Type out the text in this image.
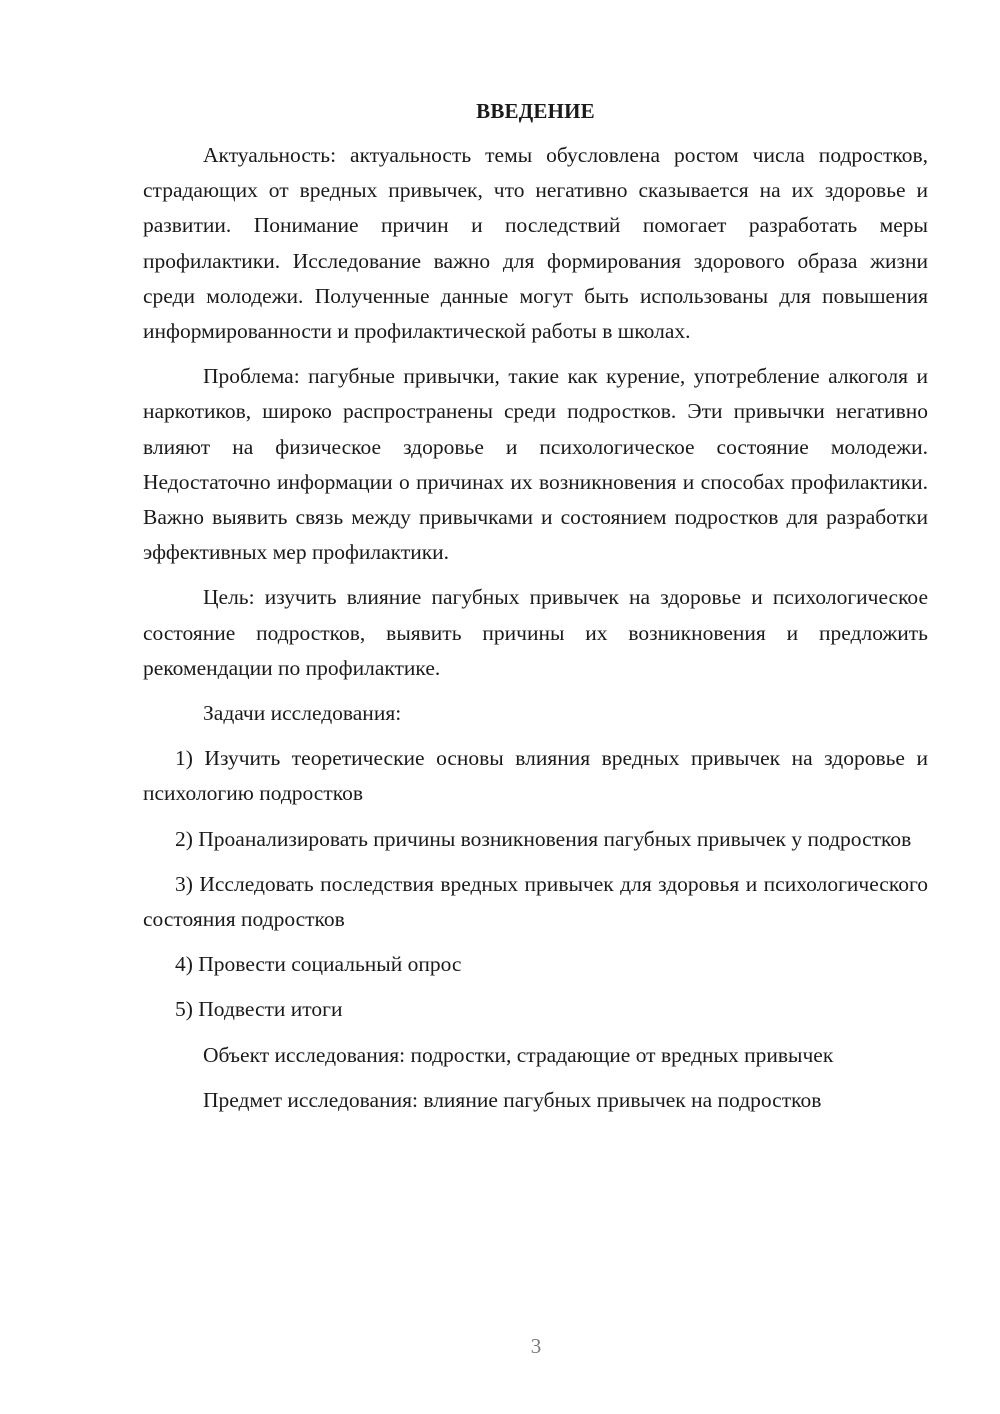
ВВЕДЕНИЕ

Актуальность: актуальность темы обусловлена ростом числа подростков, страдающих от вредных привычек, что негативно сказывается на их здоровье и развитии. Понимание причин и последствий помогает разработать меры профилактики. Исследование важно для формирования здорового образа жизни среди молодежи. Полученные данные могут быть использованы для повышения информированности и профилактической работы в школах.

Проблема: пагубные привычки, такие как курение, употребление алкоголя и наркотиков, широко распространены среди подростков. Эти привычки негативно влияют на физическое здоровье и психологическое состояние молодежи. Недостаточно информации о причинах их возникновения и способах профилактики. Важно выявить связь между привычками и состоянием подростков для разработки эффективных мер профилактики.

Цель: изучить влияние пагубных привычек на здоровье и психологическое состояние подростков, выявить причины их возникновения и предложить рекомендации по профилактике.

Задачи исследования:

1) Изучить теоретические основы влияния вредных привычек на здоровье и психологию подростков

2) Проанализировать причины возникновения пагубных привычек у подростков

3) Исследовать последствия вредных привычек для здоровья и психологического состояния подростков

4) Провести социальный опрос

5) Подвести итоги

Объект исследования: подростки, страдающие от вредных привычек

Предмет исследования: влияние пагубных привычек на подростков

3
